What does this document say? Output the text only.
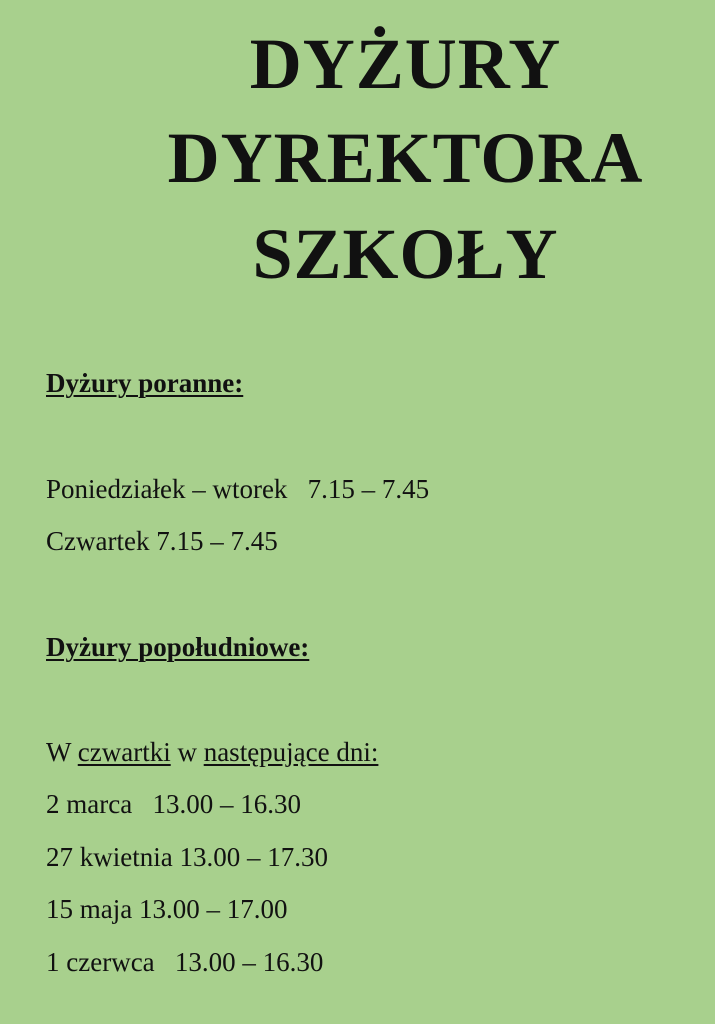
DYŻURY
DYREKTORA
SZKOŁY

Dyżury poranne:

Poniedziałek – wtorek   7.15 – 7.45

Czwartek 7.15 – 7.45

Dyżury popołudniowe:

W czwartki w następujące dni:

2 marca   13.00 – 16.30

27 kwietnia 13.00 – 17.30

15 maja 13.00 – 17.00

1 czerwca   13.00 – 16.30
